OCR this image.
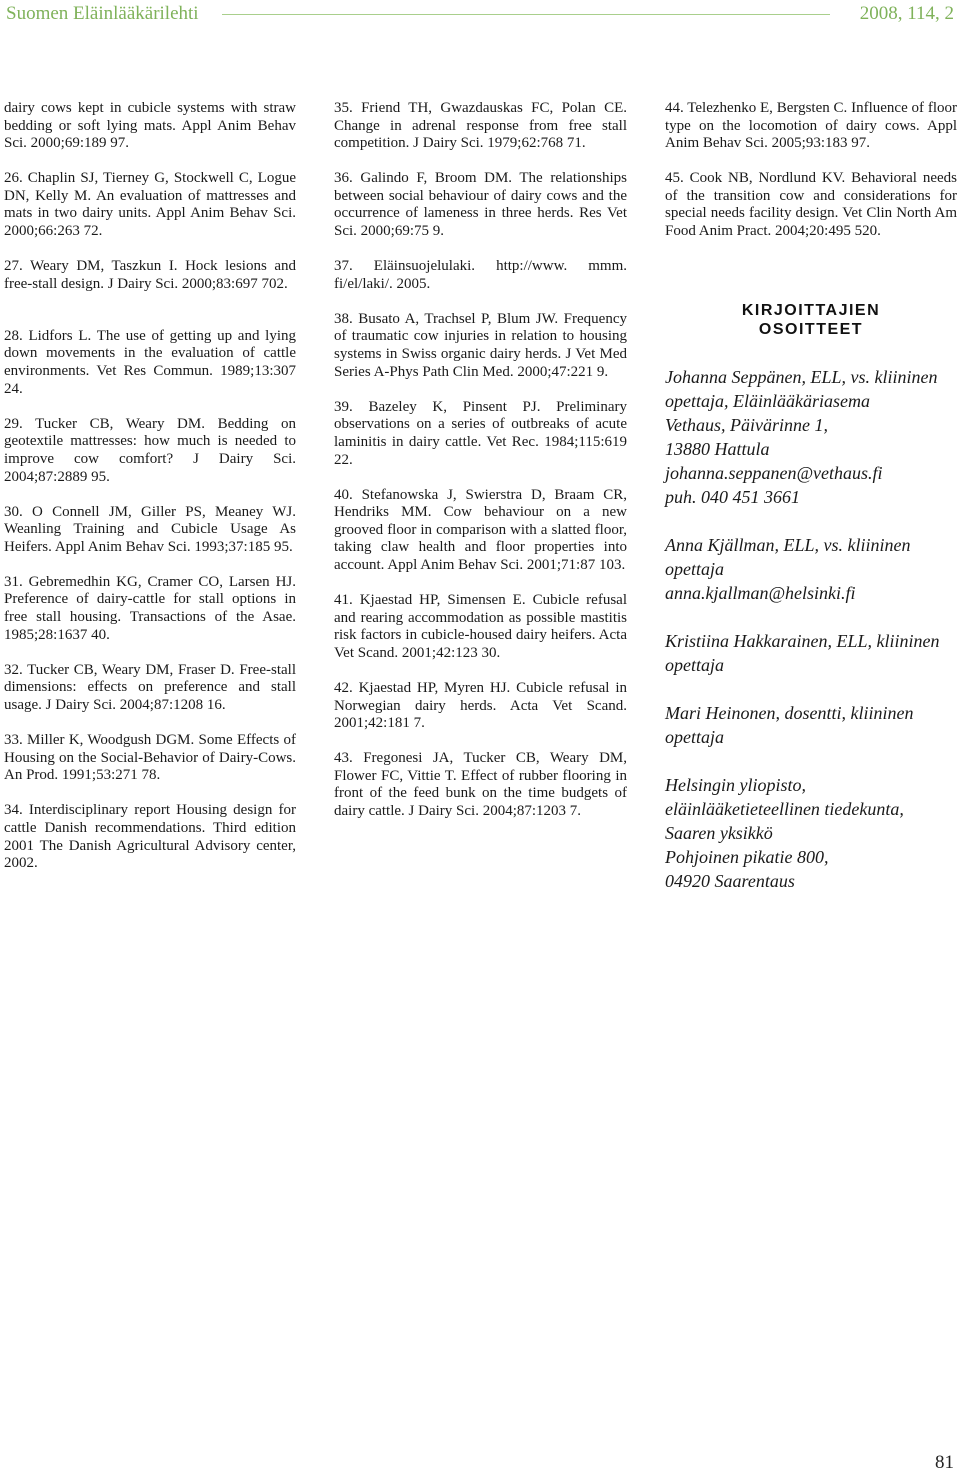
Suomen Eläinlääkärilehti	2008, 114, 2

dairy cows kept in cubicle systems with straw bedding or soft lying mats. Appl Anim Behav Sci. 2000;69:189 97.

26. Chaplin SJ, Tierney G, Stockwell C, Logue DN, Kelly M. An evaluation of mattresses and mats in two dairy units. Appl Anim Behav Sci. 2000;66:263 72.

27. Weary DM, Taszkun I. Hock lesions and free-stall design. J Dairy Sci. 2000;83:697 702.

28. Lidfors L. The use of getting up and lying down movements in the evaluation of cattle environments. Vet Res Commun. 1989;13:307 24.

29. Tucker CB, Weary DM. Bedding on geotextile mattresses: how much is needed to improve cow comfort? J Dairy Sci. 2004;87:2889 95.

30. O Connell JM, Giller PS, Meaney WJ. Weanling Training and Cubicle Usage As Heifers. Appl Anim Behav Sci. 1993;37:185 95.

31. Gebremedhin KG, Cramer CO, Larsen HJ. Preference of dairy-cattle for stall options in free stall housing. Transactions of the Asae. 1985;28:1637 40.

32. Tucker CB, Weary DM, Fraser D. Free-stall dimensions: effects on preference and stall usage. J Dairy Sci. 2004;87:1208 16.

33. Miller K, Woodgush DGM. Some Effects of Housing on the Social-Behavior of Dairy-Cows. An Prod. 1991;53:271 78.

34. Interdisciplinary report Housing design for cattle Danish recommendations. Third edition 2001 The Danish Agricultural Advisory center, 2002.

35. Friend TH, Gwazdauskas FC, Polan CE. Change in adrenal response from free stall competition. J Dairy Sci. 1979;62:768 71.

36. Galindo F, Broom DM. The relationships between social behaviour of dairy cows and the occurrence of lameness in three herds. Res Vet Sci. 2000;69:75 9.

37. Eläinsuojelulaki. http://www. mmm. fi/el/laki/. 2005.

38. Busato A, Trachsel P, Blum JW. Frequency of traumatic cow injuries in relation to housing systems in Swiss organic dairy herds. J Vet Med Series A-Phys Path Clin Med. 2000;47:221 9.

39. Bazeley K, Pinsent PJ. Preliminary observations on a series of outbreaks of acute laminitis in dairy cattle. Vet Rec. 1984;115:619 22.

40. Stefanowska J, Swierstra D, Braam CR, Hendriks MM. Cow behaviour on a new grooved floor in comparison with a slatted floor, taking claw health and floor properties into account. Appl Anim Behav Sci. 2001;71:87 103.

41. Kjaestad HP, Simensen E. Cubicle refusal and rearing accommodation as possible mastitis risk factors in cubicle-housed dairy heifers. Acta Vet Scand. 2001;42:123 30.

42. Kjaestad HP, Myren HJ. Cubicle refusal in Norwegian dairy herds. Acta Vet Scand. 2001;42:181 7.

43. Fregonesi JA, Tucker CB, Weary DM, Flower FC, Vittie T. Effect of rubber flooring in front of the feed bunk on the time budgets of dairy cattle. J Dairy Sci. 2004;87:1203 7.

44. Telezhenko E, Bergsten C. Influence of floor type on the locomotion of dairy cows. Appl Anim Behav Sci. 2005;93:183 97.

45. Cook NB, Nordlund KV. Behavioral needs of the transition cow and considerations for special needs facility design. Vet Clin North Am Food Anim Pract. 2004;20:495 520.

KIRJOITTAJIEN
OSOITTEET
Johanna Seppänen, ELL, vs. kliininen opettaja, Eläinlääkäriasema
Vethaus, Päivärinne 1,
13880 Hattula
johanna.seppanen@vethaus.fi
puh. 040 451 3661
Anna Kjällman, ELL, vs. kliininen opettaja
anna.kjallman@helsinki.fi
Kristiina Hakkarainen, ELL, kliininen opettaja
Mari Heinonen, dosentti, kliininen opettaja
Helsingin yliopisto,
eläinlääketieteellinen tiedekunta,
Saaren yksikkö
Pohjoinen pikatie 800,
04920 Saarentaus
81
